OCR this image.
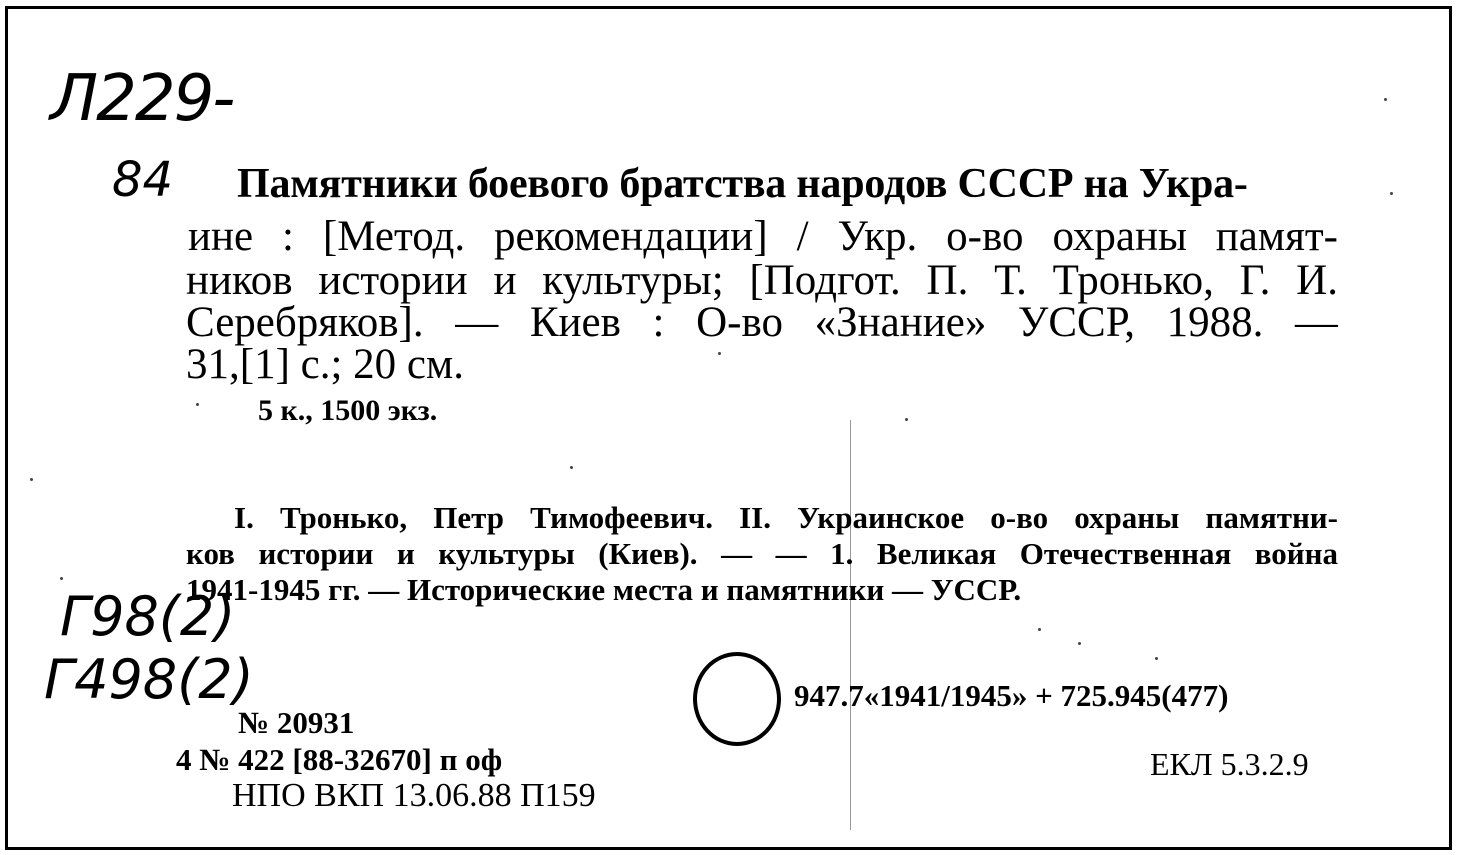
Л229-
84 Памятники боевого братства народов СССР на Укра-
ине : [Метод. рекомендации] / Укр. о-во охраны памят-
ников истории и культуры; [Подгот. П. Т. Тронько, Г. И.
Серебряков]. — Киев : О-во «Знание» УССР, 1988. —
31,[1] с.; 20 см.
5 к., 1500 экз.
I. Тронько, Петр Тимофеевич. II. Украинское о-во охраны памятни-
ков истории и культуры (Киев). — — 1. Великая Отечественная война
1941-1945 гг. — Исторические места и памятники — УССР.
Г98(2)
Г498(2)
№ 20931
4 № 422 [88-32670] п оф
НПО ВКП 13.06.88 П159
947.7«1941/1945» + 725.945(477)
ЕКЛ 5.3.2.9
